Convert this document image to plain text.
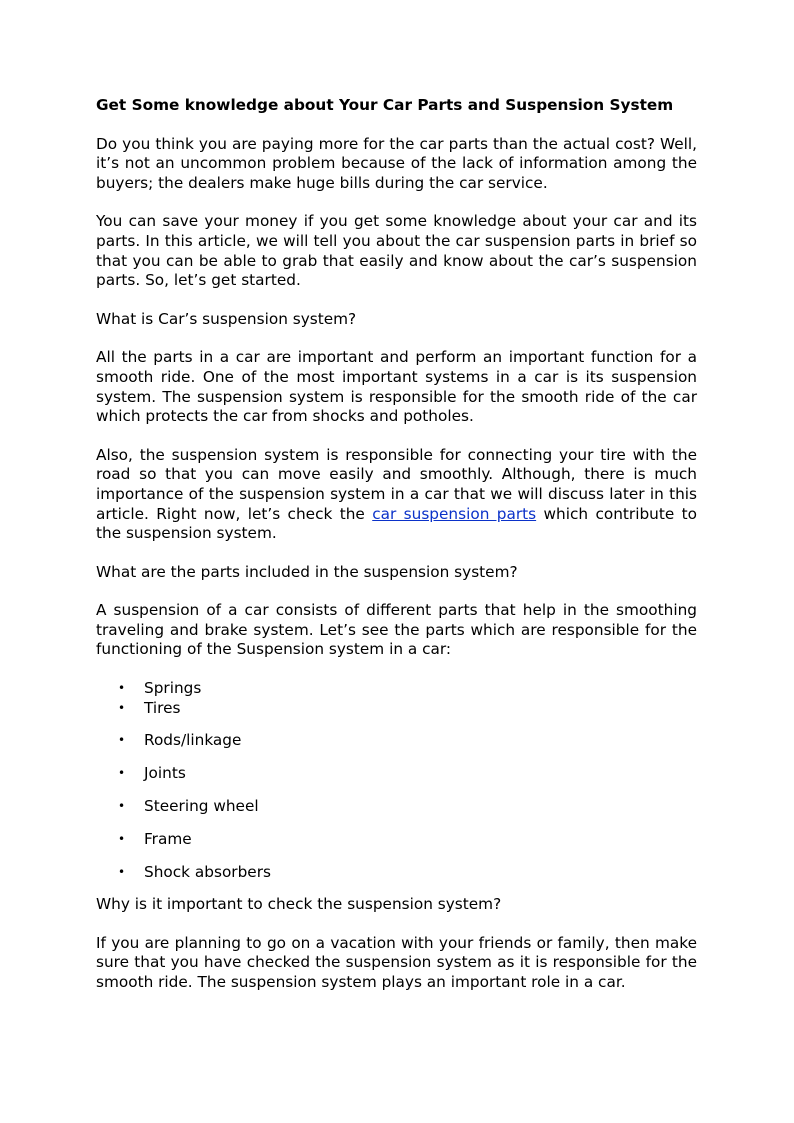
Get Some knowledge about Your Car Parts and Suspension System

Do you think you are paying more for the car parts than the actual cost? Well, it’s not an uncommon problem because of the lack of information among the buyers; the dealers make huge bills during the car service.

You can save your money if you get some knowledge about your car and its parts. In this article, we will tell you about the car suspension parts in brief so that you can be able to grab that easily and know about the car’s suspension parts. So, let’s get started.

What is Car’s suspension system?

All the parts in a car are important and perform an important function for a smooth ride. One of the most important systems in a car is its suspension system. The suspension system is responsible for the smooth ride of the car which protects the car from shocks and potholes.

Also, the suspension system is responsible for connecting your tire with the road so that you can move easily and smoothly. Although, there is much importance of the suspension system in a car that we will discuss later in this article. Right now, let’s check the car suspension parts which contribute to the suspension system.

What are the parts included in the suspension system?

A suspension of a car consists of different parts that help in the smoothing traveling and brake system. Let’s see the parts which are responsible for the functioning of the Suspension system in a car:

• Springs
• Tires
• Rods/linkage
• Joints
• Steering wheel
• Frame
• Shock absorbers

Why is it important to check the suspension system?

If you are planning to go on a vacation with your friends or family, then make sure that you have checked the suspension system as it is responsible for the smooth ride. The suspension system plays an important role in a car.
